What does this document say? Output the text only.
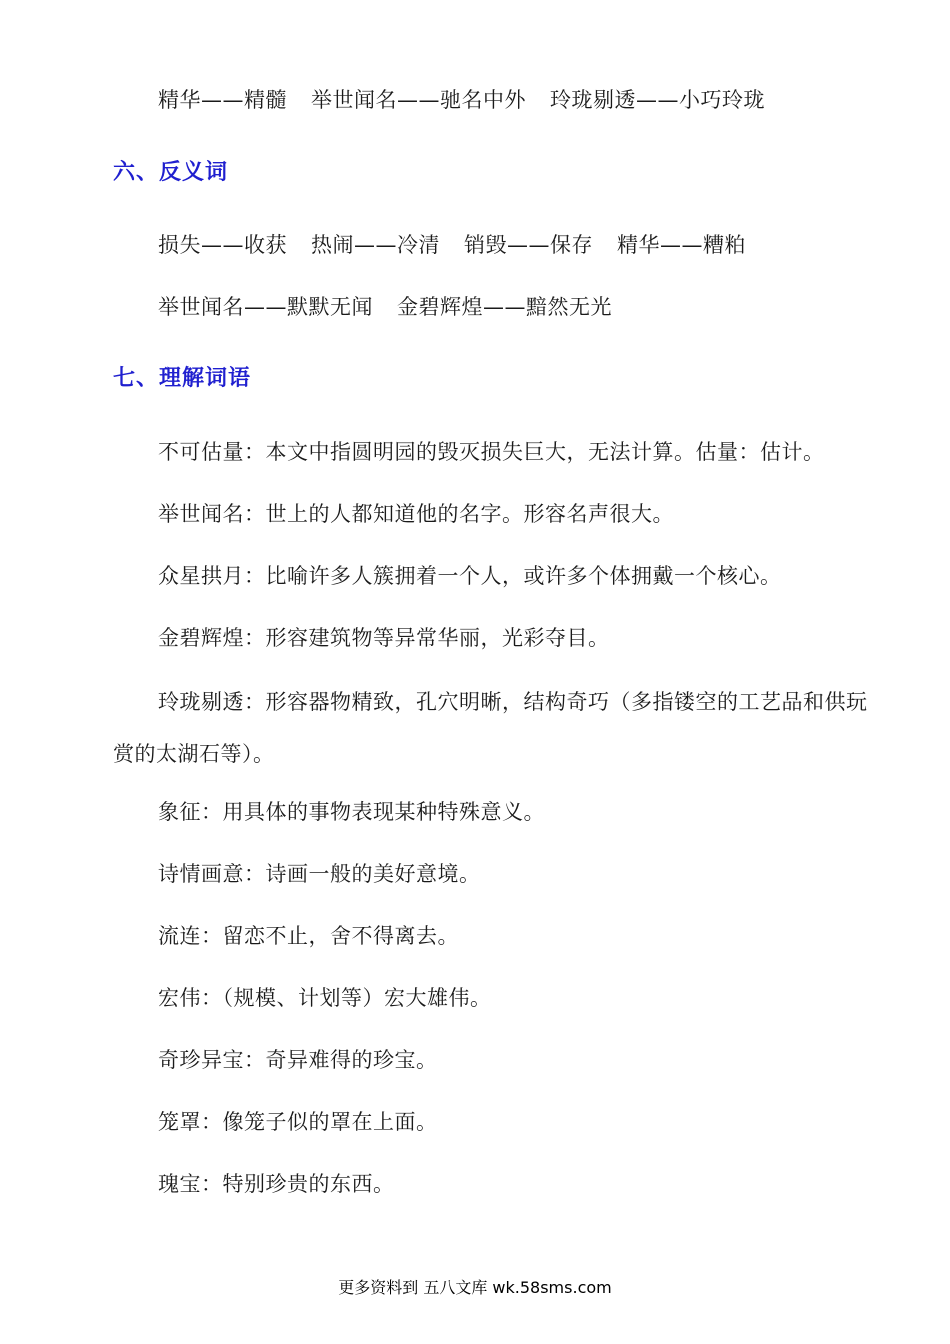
精华——精髓 举世闻名——驰名中外 玲珑剔透——小巧玲珑
六、反义词
损失——收获 热闹——冷清 销毁——保存 精华——糟粕
举世闻名——默默无闻 金碧辉煌——黯然无光
七、理解词语
不可估量：本文中指圆明园的毁灭损失巨大，无法计算。估量：估计。
举世闻名：世上的人都知道他的名字。形容名声很大。
众星拱月：比喻许多人簇拥着一个人，或许多个体拥戴一个核心。
金碧辉煌：形容建筑物等异常华丽，光彩夺目。
玲珑剔透：形容器物精致，孔穴明晰，结构奇巧（多指镂空的工艺品和供玩赏的太湖石等）。
象征：用具体的事物表现某种特殊意义。
诗情画意：诗画一般的美好意境。
流连：留恋不止，舍不得离去。
宏伟：（规模、计划等）宏大雄伟。
奇珍异宝：奇异难得的珍宝。
笼罩：像笼子似的罩在上面。
瑰宝：特别珍贵的东西。
更多资料到 五八文库 wk.58sms.com
